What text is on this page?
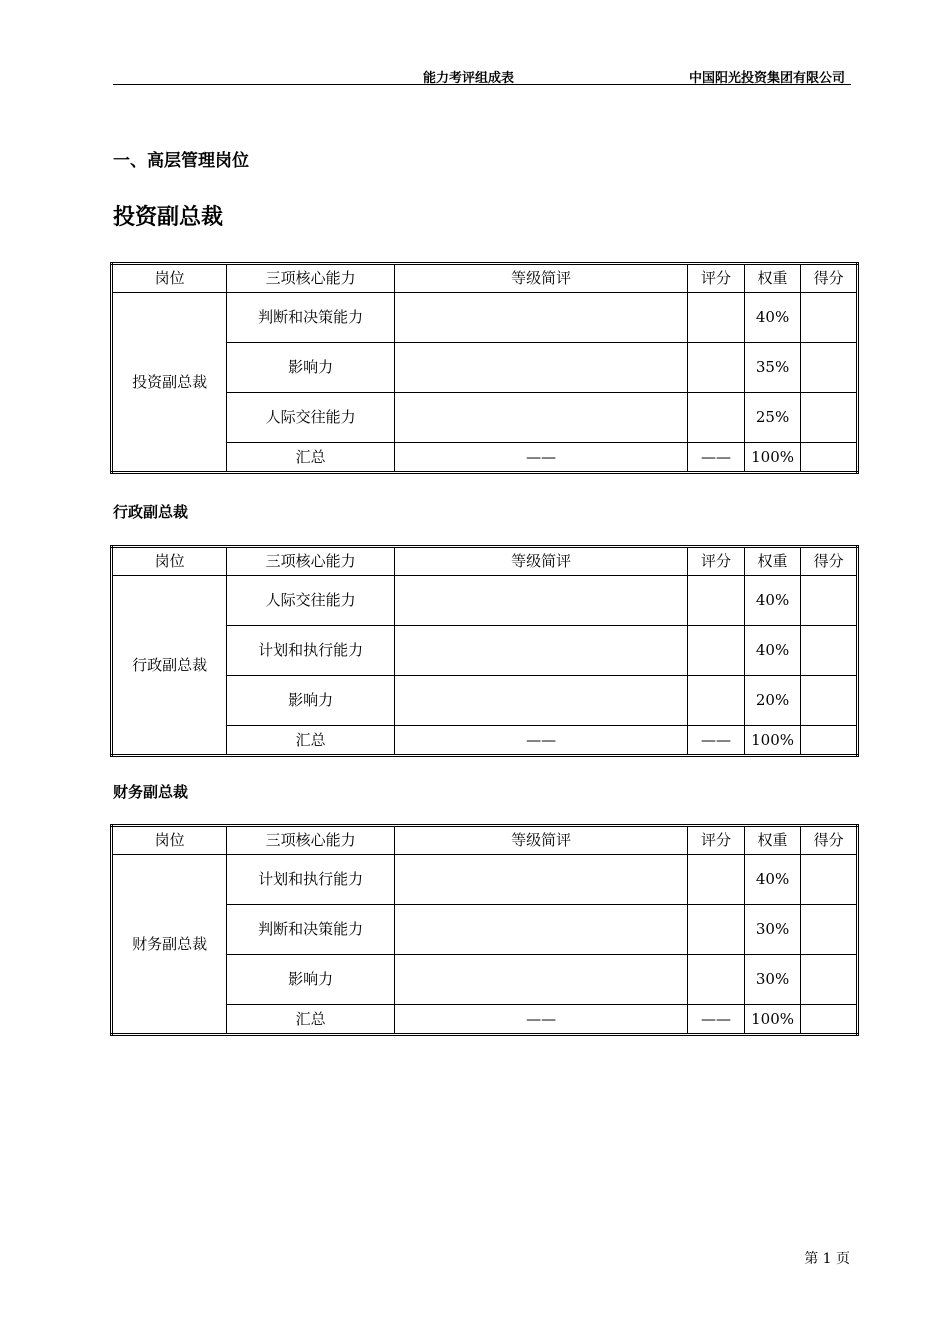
能力考评组成表	中国阳光投资集团有限公司
一、高层管理岗位
投资副总裁
岗位	三项核心能力	等级简评	评分	权重	得分
投资副总裁	判断和决策能力			40%	
	影响力			35%	
	人际交往能力			25%	
	汇总	——	——	100%	
行政副总裁
岗位	三项核心能力	等级简评	评分	权重	得分
行政副总裁	人际交往能力			40%	
	计划和执行能力			40%	
	影响力			20%	
	汇总	——	——	100%	
财务副总裁
岗位	三项核心能力	等级简评	评分	权重	得分
财务副总裁	计划和执行能力			40%	
	判断和决策能力			30%	
	影响力			30%	
	汇总	——	——	100%	
第 1 页
